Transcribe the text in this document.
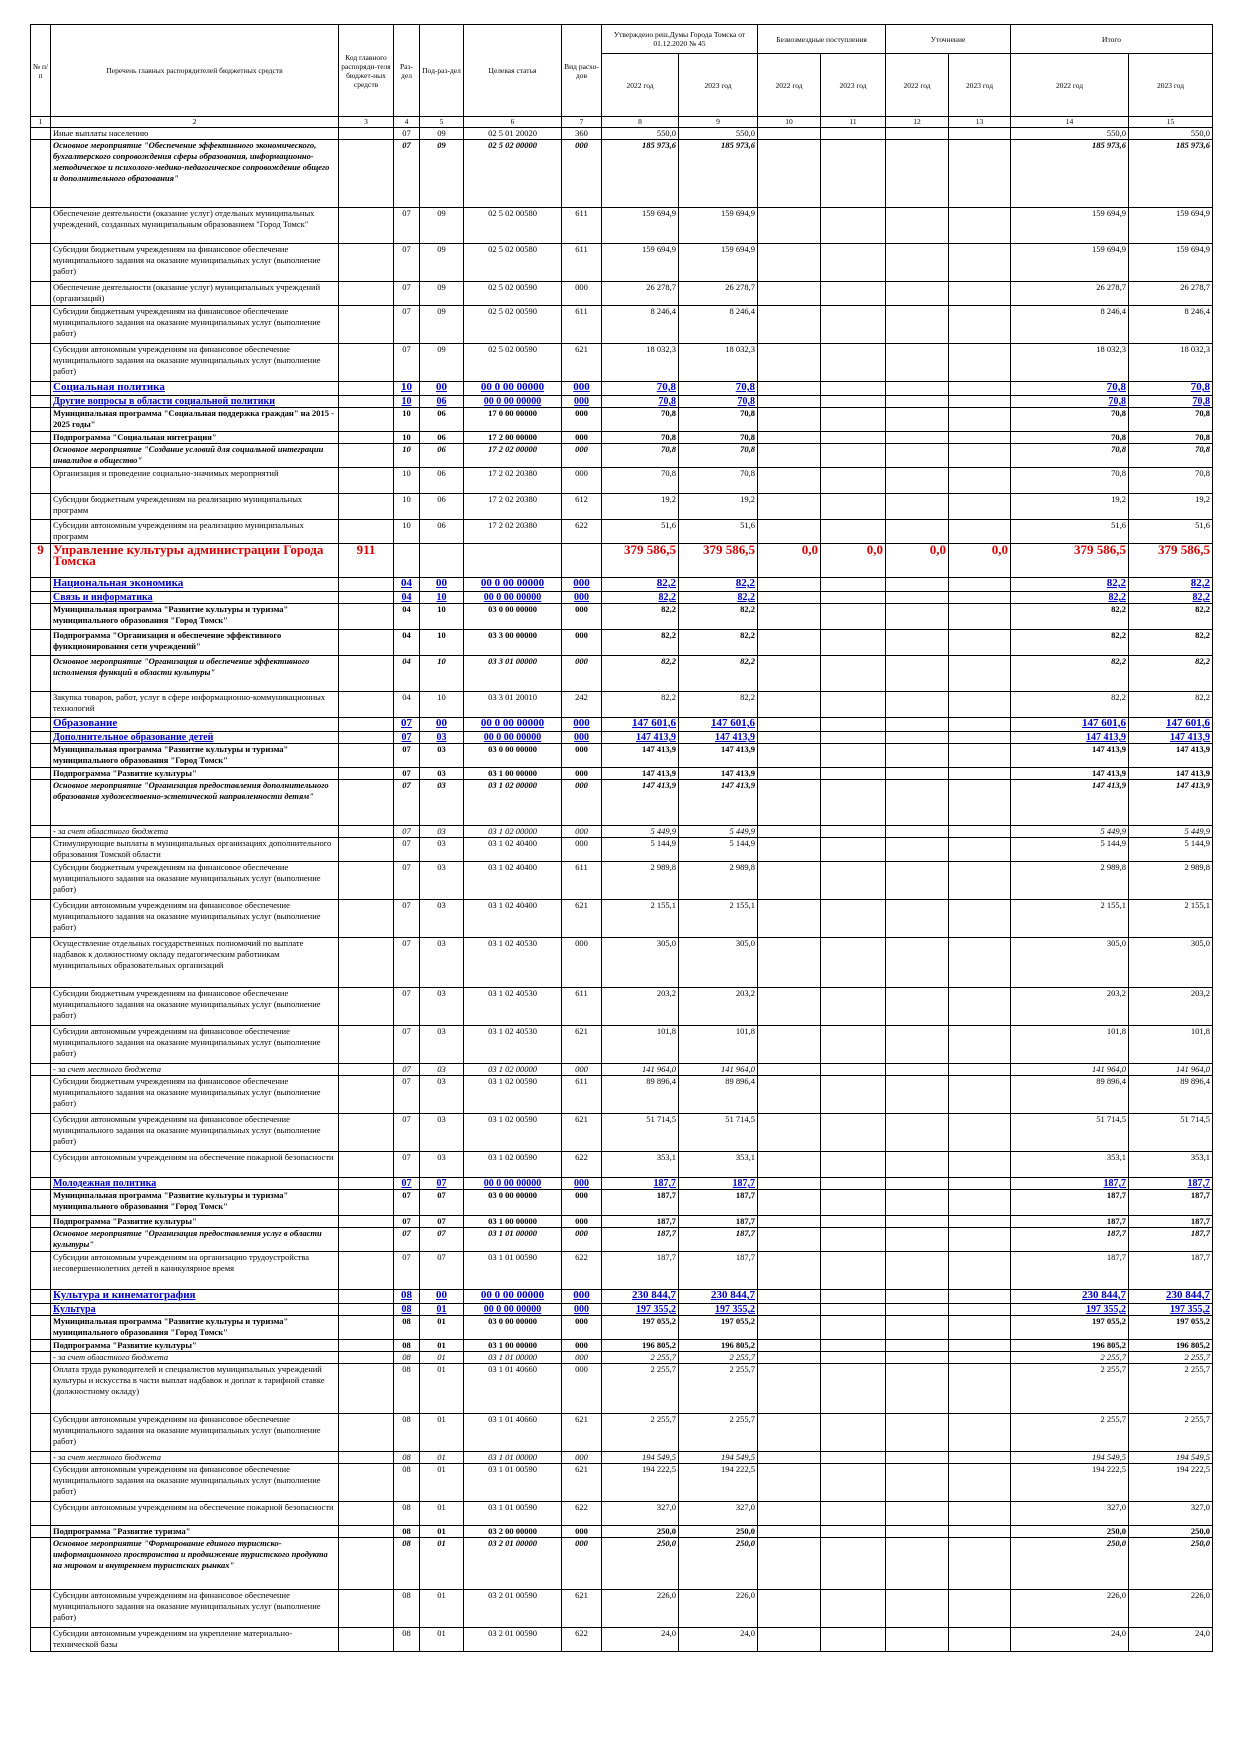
№ п/п	Перечень главных распорядителей бюджетных средств	Код главного распоряди-теля бюджет-ных средств	Раз-дел	Под-раз-дел	Целевая статья	Вид расхо-дов	Утверждено реш.Думы Города Томска от 01.12.2020 № 45		Безвозмездные поступления		Уточнение		Итого	
							2022 год	2023 год	2022 год	2023 год	2022 год	2023 год	2022 год	2023 год
1	2	3	4	5	6	7	8	9	10	11	12	13	14	15
	Иные выплаты населению		07	09	02 5 01 20020	360	550,0	550,0					550,0	550,0
	Основное мероприятие "Обеспечение эффективного экономического, бухгалтерского сопровождения сферы образования, информационно-методическое и психолого-медико-педагогическое сопровождение общего и дополнительного образования"		07	09	02 5 02 00000	000	185 973,6	185 973,6					185 973,6	185 973,6
	Обеспечение деятельности (оказание услуг) отдельных муниципальных учреждений, созданных муниципальным образованием "Город Томск"		07	09	02 5 02 00580	611	159 694,9	159 694,9					159 694,9	159 694,9
	Субсидии бюджетным учреждениям на финансовое обеспечение муниципального задания на оказание муниципальных услуг (выполнение работ)		07	09	02 5 02 00580	611	159 694,9	159 694,9					159 694,9	159 694,9
	Обеспечение деятельности (оказание услуг) муниципальных учреждений (организаций)		07	09	02 5 02 00590	000	26 278,7	26 278,7					26 278,7	26 278,7
	Субсидии бюджетным учреждениям на финансовое обеспечение муниципального задания на оказание муниципальных услуг (выполнение работ)		07	09	02 5 02 00590	611	8 246,4	8 246,4					8 246,4	8 246,4
	Субсидии автономным учреждениям на финансовое обеспечение муниципального задания на оказание муниципальных услуг (выполнение работ)		07	09	02 5 02 00590	621	18 032,3	18 032,3					18 032,3	18 032,3
	Социальная политика		10	00	00 0 00 00000	000	70,8	70,8					70,8	70,8
	Другие вопросы в области социальной политики		10	06	00 0 00 00000	000	70,8	70,8					70,8	70,8
	Муниципальная программа "Социальная поддержка граждан" на 2015 - 2025 годы"		10	06	17 0 00 00000	000	70,8	70,8					70,8	70,8
	Подпрограмма "Социальная интеграция"		10	06	17 2 00 00000	000	70,8	70,8					70,8	70,8
	Основное мероприятие "Создание условий для социальной интеграции инвалидов в общество"		10	06	17 2 02 00000	000	70,8	70,8					70,8	70,8
	Организация и проведение социально-значимых мероприятий		10	06	17 2 02 20380	000	70,8	70,8					70,8	70,8
	Субсидии бюджетным учреждениям на реализацию муниципальных программ		10	06	17 2 02 20380	612	19,2	19,2					19,2	19,2
	Субсидии автономным учреждениям на реализацию муниципальных программ		10	06	17 2 02 20380	622	51,6	51,6					51,6	51,6
9	Управление культуры администрации Города Томска	911					379 586,5	379 586,5	0,0	0,0	0,0	0,0	379 586,5	379 586,5
	Национальная экономика		04	00	00 0 00 00000	000	82,2	82,2					82,2	82,2
	Связь и информатика		04	10	00 0 00 00000	000	82,2	82,2					82,2	82,2
	Муниципальная программа "Развитие культуры и туризма" муниципального образования "Город Томск"		04	10	03 0 00 00000	000	82,2	82,2					82,2	82,2
	Подпрограмма "Организация и обеспечение эффективного функционирования сети учреждений"		04	10	03 3 00 00000	000	82,2	82,2					82,2	82,2
	Основное мероприятие "Организация и обеспечение эффективного исполнения функций в области культуры"		04	10	03 3 01 00000	000	82,2	82,2					82,2	82,2
	Закупка товаров, работ, услуг в сфере информационно-коммуникационных технологий		04	10	03 3 01 20010	242	82,2	82,2					82,2	82,2
	Образование		07	00	00 0 00 00000	000	147 601,6	147 601,6					147 601,6	147 601,6
	Дополнительное образование детей		07	03	00 0 00 00000	000	147 413,9	147 413,9					147 413,9	147 413,9
	Муниципальная программа "Развитие культуры и туризма" муниципального образования "Город Томск"		07	03	03 0 00 00000	000	147 413,9	147 413,9					147 413,9	147 413,9
	Подпрограмма "Развитие культуры"		07	03	03 1 00 00000	000	147 413,9	147 413,9					147 413,9	147 413,9
	Основное мероприятие "Организация предоставления дополнительного образования художественно-эстетической направленности детям"		07	03	03 1 02 00000	000	147 413,9	147 413,9					147 413,9	147 413,9
	- за счет областного бюджета		07	03	03 1 02 00000	000	5 449,9	5 449,9					5 449,9	5 449,9
	Стимулирующие выплаты в муниципальных организациях дополнительного образования Томской области		07	03	03 1 02 40400	000	5 144,9	5 144,9					5 144,9	5 144,9
	Субсидии бюджетным учреждениям на финансовое обеспечение муниципального задания на оказание муниципальных услуг (выполнение работ)		07	03	03 1 02 40400	611	2 989,8	2 989,8					2 989,8	2 989,8
	Субсидии автономным учреждениям на финансовое обеспечение муниципального задания на оказание муниципальных услуг (выполнение работ)		07	03	03 1 02 40400	621	2 155,1	2 155,1					2 155,1	2 155,1
	Осуществление отдельных государственных полномочий по выплате надбавок к должностному окладу педагогическим работникам муниципальных образовательных организаций		07	03	03 1 02 40530	000	305,0	305,0					305,0	305,0
	Субсидии бюджетным учреждениям на финансовое обеспечение муниципального задания на оказание муниципальных услуг (выполнение работ)		07	03	03 1 02 40530	611	203,2	203,2					203,2	203,2
	Субсидии автономным учреждениям на финансовое обеспечение муниципального задания на оказание муниципальных услуг (выполнение работ)		07	03	03 1 02 40530	621	101,8	101,8					101,8	101,8
	- за счет местного бюджета		07	03	03 1 02 00000	000	141 964,0	141 964,0					141 964,0	141 964,0
	Субсидии бюджетным учреждениям на финансовое обеспечение муниципального задания на оказание муниципальных услуг (выполнение работ)		07	03	03 1 02 00590	611	89 896,4	89 896,4					89 896,4	89 896,4
	Субсидии автономным учреждениям на финансовое обеспечение муниципального задания на оказание муниципальных услуг (выполнение работ)		07	03	03 1 02 00590	621	51 714,5	51 714,5					51 714,5	51 714,5
	Субсидии автономным учреждениям на обеспечение пожарной безопасности		07	03	03 1 02 00590	622	353,1	353,1					353,1	353,1
	Молодежная политика		07	07	00 0 00 00000	000	187,7	187,7					187,7	187,7
	Муниципальная программа "Развитие культуры и туризма" муниципального образования "Город Томск"		07	07	03 0 00 00000	000	187,7	187,7					187,7	187,7
	Подпрограмма "Развитие культуры"		07	07	03 1 00 00000	000	187,7	187,7					187,7	187,7
	Основное мероприятие "Организация предоставления услуг в области культуры"		07	07	03 1 01 00000	000	187,7	187,7					187,7	187,7
	Субсидии автономным учреждениям на организацию трудоустройства несовершеннолетних детей в каникулярное время		07	07	03 1 01 00590	622	187,7	187,7					187,7	187,7
	Культура и кинематография		08	00	00 0 00 00000	000	230 844,7	230 844,7					230 844,7	230 844,7
	Культура		08	01	00 0 00 00000	000	197 355,2	197 355,2					197 355,2	197 355,2
	Муниципальная программа "Развитие культуры и туризма" муниципального образования "Город Томск"		08	01	03 0 00 00000	000	197 055,2	197 055,2					197 055,2	197 055,2
	Подпрограмма "Развитие культуры"		08	01	03 1 00 00000	000	196 805,2	196 805,2					196 805,2	196 805,2
	- за счет областного бюджета		08	01	03 1 01 00000	000	2 255,7	2 255,7					2 255,7	2 255,7
	Оплата труда руководителей и специалистов муниципальных учреждений культуры и искусства в части выплат надбавок и доплат к тарифной ставке (должностному окладу)		08	01	03 1 01 40660	000	2 255,7	2 255,7					2 255,7	2 255,7
	Субсидии автономным учреждениям на финансовое обеспечение муниципального задания на оказание муниципальных услуг (выполнение работ)		08	01	03 1 01 40660	621	2 255,7	2 255,7					2 255,7	2 255,7
	- за счет местного бюджета		08	01	03 1 01 00000	000	194 549,5	194 549,5					194 549,5	194 549,5
	Субсидии автономным учреждениям на финансовое обеспечение муниципального задания на оказание муниципальных услуг (выполнение работ)		08	01	03 1 01 00590	621	194 222,5	194 222,5					194 222,5	194 222,5
	Субсидии автономным учреждениям на обеспечение пожарной безопасности		08	01	03 1 01 00590	622	327,0	327,0					327,0	327,0
	Подпрограмма "Развитие туризма"		08	01	03 2 00 00000	000	250,0	250,0					250,0	250,0
	Основное мероприятие "Формирование единого туристско-информационного пространства и продвижение туристского продукта на мировом и внутреннем туристских рынках"		08	01	03 2 01 00000	000	250,0	250,0					250,0	250,0
	Субсидии автономным учреждениям на финансовое обеспечение муниципального задания на оказание муниципальных услуг (выполнение работ)		08	01	03 2 01 00590	621	226,0	226,0					226,0	226,0
	Субсидии автономным учреждениям на укрепление материально-технической базы		08	01	03 2 01 00590	622	24,0	24,0					24,0	24,0
